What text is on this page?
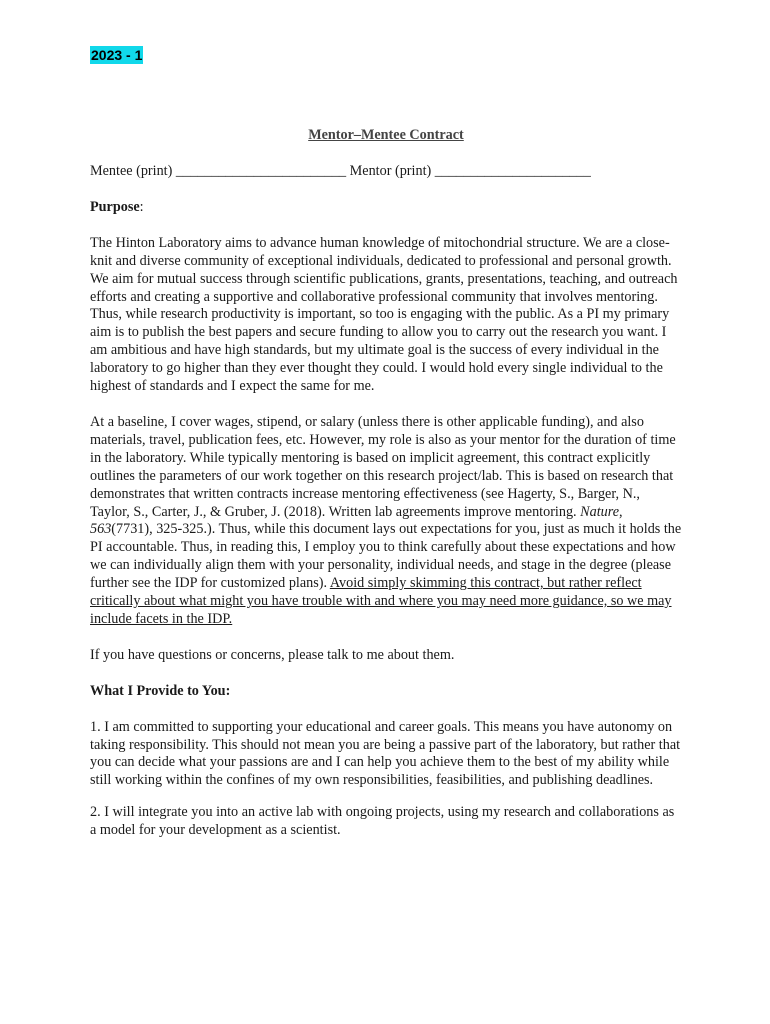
2023 - 1

Mentor–Mentee Contract

Mentee (print) ________________________ Mentor (print) ______________________

Purpose:

The Hinton Laboratory aims to advance human knowledge of mitochondrial structure. We are a close-knit and diverse community of exceptional individuals, dedicated to professional and personal growth. We aim for mutual success through scientific publications, grants, presentations, teaching, and outreach efforts and creating a supportive and collaborative professional community that involves mentoring. Thus, while research productivity is important, so too is engaging with the public. As a PI my primary aim is to publish the best papers and secure funding to allow you to carry out the research you want. I am ambitious and have high standards, but my ultimate goal is the success of every individual in the laboratory to go higher than they ever thought they could. I would hold every single individual to the highest of standards and I expect the same for me.

At a baseline, I cover wages, stipend, or salary (unless there is other applicable funding), and also materials, travel, publication fees, etc. However, my role is also as your mentor for the duration of time in the laboratory. While typically mentoring is based on implicit agreement, this contract explicitly outlines the parameters of our work together on this research project/lab. This is based on research that demonstrates that written contracts increase mentoring effectiveness (see Hagerty, S., Barger, N., Taylor, S., Carter, J., & Gruber, J. (2018). Written lab agreements improve mentoring. Nature, 563(7731), 325-325.). Thus, while this document lays out expectations for you, just as much it holds the PI accountable. Thus, in reading this, I employ you to think carefully about these expectations and how we can individually align them with your personality, individual needs, and stage in the degree (please further see the IDP for customized plans). Avoid simply skimming this contract, but rather reflect critically about what might you have trouble with and where you may need more guidance, so we may include facets in the IDP.

If you have questions or concerns, please talk to me about them.

What I Provide to You:

1. I am committed to supporting your educational and career goals. This means you have autonomy on taking responsibility. This should not mean you are being a passive part of the laboratory, but rather that you can decide what your passions are and I can help you achieve them to the best of my ability while still working within the confines of my own responsibilities, feasibilities, and publishing deadlines.

2. I will integrate you into an active lab with ongoing projects, using my research and collaborations as a model for your development as a scientist.
